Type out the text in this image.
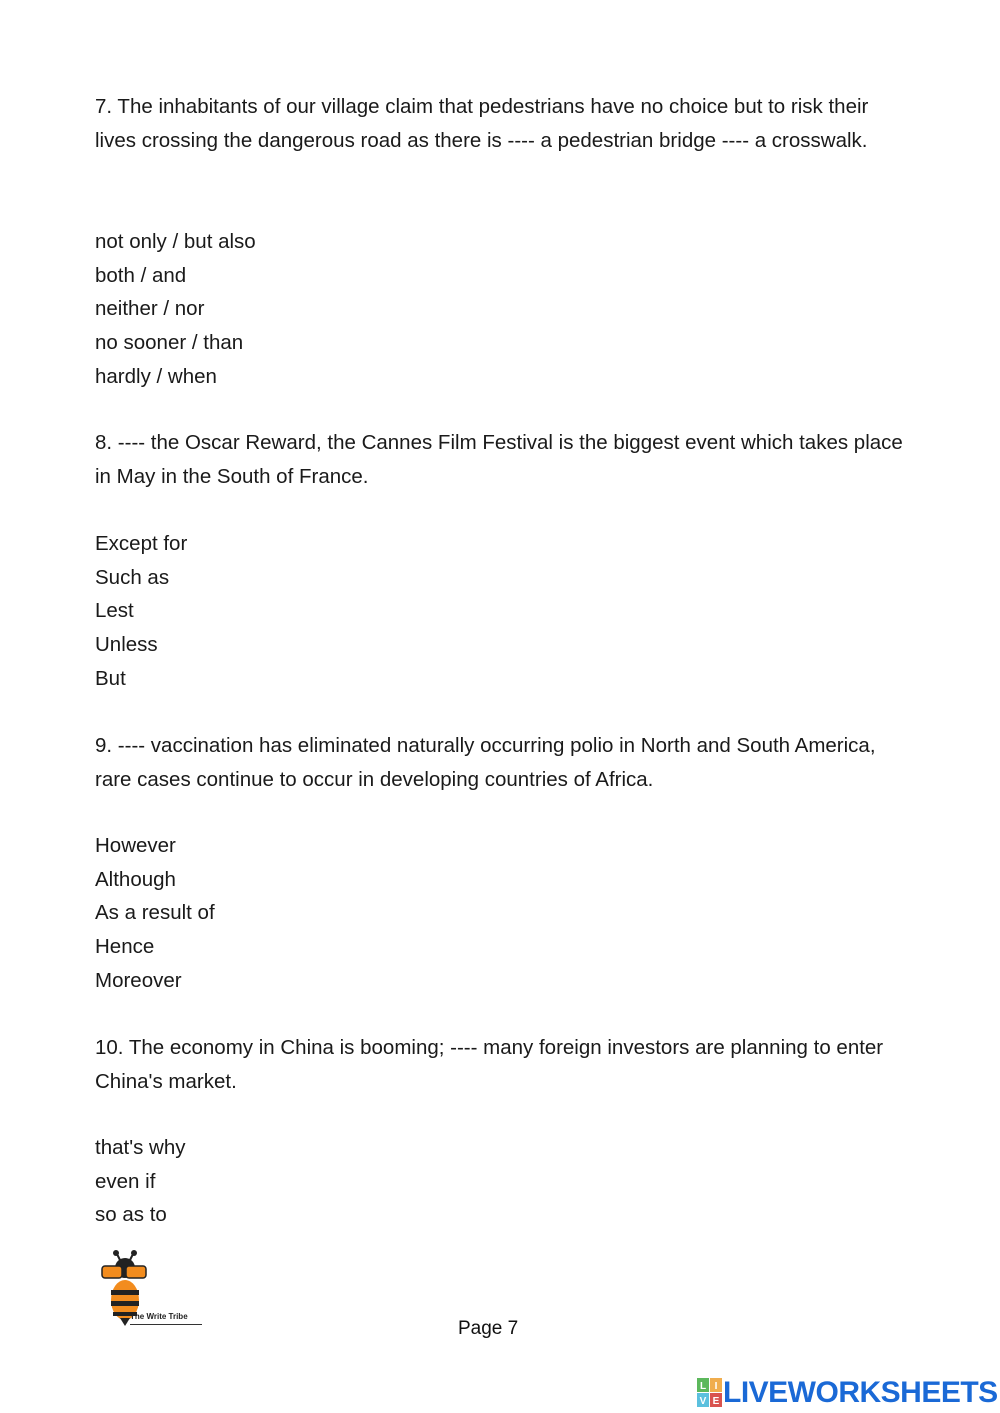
7. The inhabitants of our village claim that pedestrians have no choice but to risk their lives crossing the dangerous road as there is ---- a pedestrian bridge ---- a crosswalk.

not only / but also
both / and
neither / nor
no sooner / than
hardly / when

8. ---- the Oscar Reward, the Cannes Film Festival is the biggest event which takes place in May in the South of France.

Except for
Such as
Lest
Unless
But

9. ---- vaccination has eliminated naturally occurring polio in North and South America, rare cases continue to occur in developing countries of Africa.

However
Although
As a result of
Hence
Moreover

10. The economy in China is booming; ---- many foreign investors are planning to enter China's market.

that's why
even if
so as to
The Write Tribe
Page 7
L I
V E LIVEWORKSHEETS
